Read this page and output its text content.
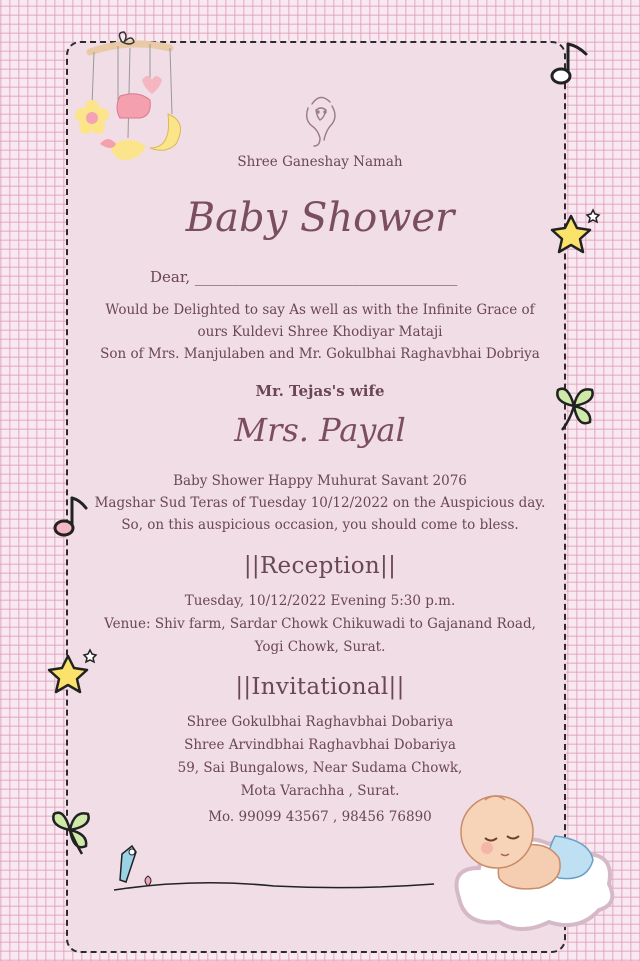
Shree Ganeshay Namah
Baby Shower
Dear, ___________________________________
Would be Delighted to say As well as with the Infinite Grace of
ours Kuldevi Shree Khodiyar Mataji
Son of Mrs. Manjulaben and Mr. Gokulbhai Raghavbhai Dobriya
Mr. Tejas's wife
Mrs. Payal
Baby Shower Happy Muhurat Savant 2076
Magshar Sud Teras of Tuesday 10/12/2022 on the Auspicious day.
So, on this auspicious occasion, you should come to bless.
||Reception||
Tuesday, 10/12/2022 Evening 5:30 p.m.
Venue: Shiv farm, Sardar Chowk Chikuwadi to Gajanand Road,
Yogi Chowk, Surat.
||Invitational||
Shree Gokulbhai Raghavbhai Dobariya
Shree Arvindbhai Raghavbhai Dobariya
59, Sai Bungalows, Near Sudama Chowk,
Mota Varachha , Surat.
Mo. 99099 43567 , 98456 76890
